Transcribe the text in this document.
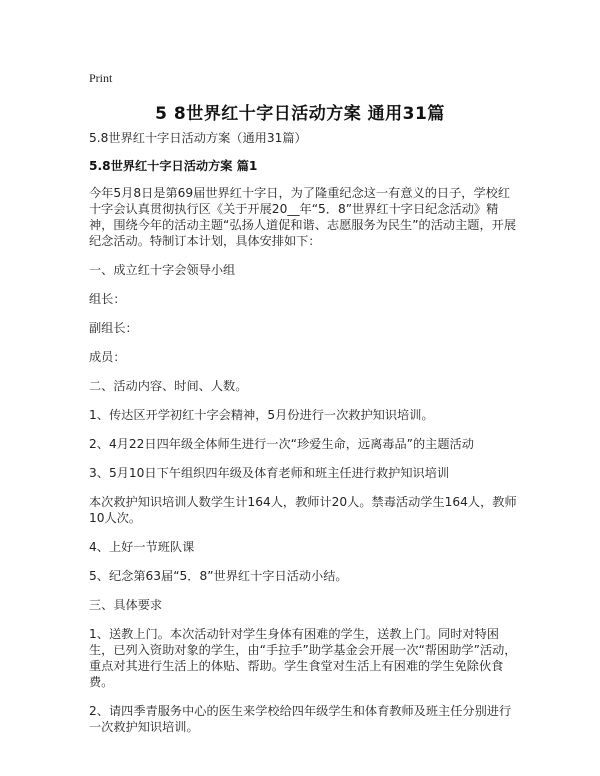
Print
5 8世界红十字日活动方案 通用31篇

5.8世界红十字日活动方案（通用31篇）

5.8世界红十字日活动方案 篇1

今年5月8日是第69届世界红十字日，为了隆重纪念这一有意义的日子，学校红十字会认真贯彻执行区《关于开展20__年“5．8”世界红十字日纪念活动》精神，围绕今年的活动主题“弘扬人道促和谐、志愿服务为民生”的活动主题，开展纪念活动。特制订本计划，具体安排如下：

一、成立红十字会领导小组

组长：

副组长：

成员：

二、活动内容、时间、人数。

1、传达区开学初红十字会精神，5月份进行一次救护知识培训。

2、4月22日四年级全体师生进行一次“珍爱生命，远离毒品”的主题活动

3、5月10日下午组织四年级及体育老师和班主任进行救护知识培训

本次救护知识培训人数学生计164人，教师计20人。禁毒活动学生164人，教师10人次。

4、上好一节班队课

5、纪念第63届“5．8”世界红十字日活动小结。

三、具体要求

1、送教上门。本次活动针对学生身体有困难的学生，送教上门。同时对特困生，已列入资助对象的学生，由“手拉手”助学基金会开展一次“帮困助学”活动，重点对其进行生活上的体贴、帮助。学生食堂对生活上有困难的学生免除伙食费。

2、请四季青服务中心的医生来学校给四年级学生和体育教师及班主任分别进行一次救护知识培训。
